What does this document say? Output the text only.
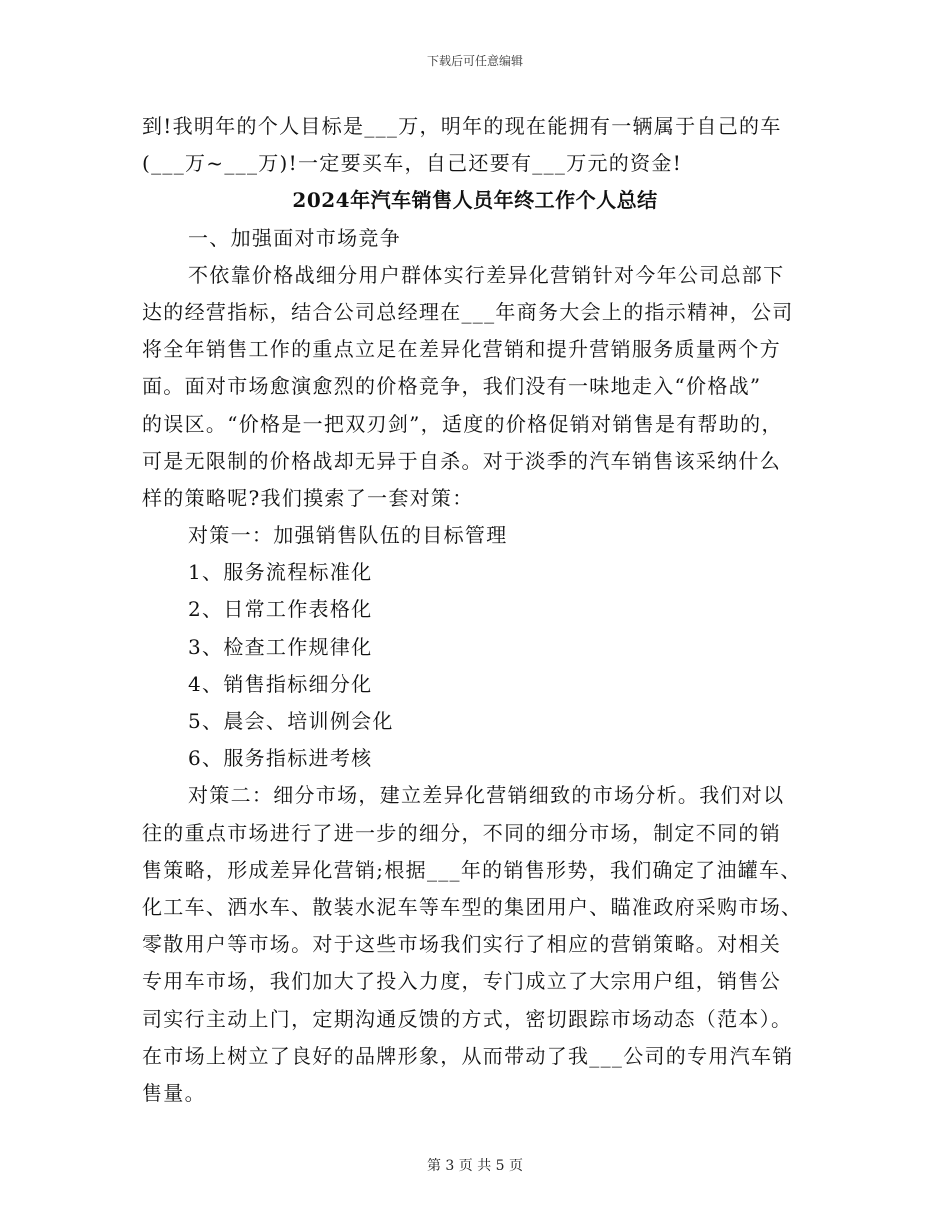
下载后可任意编辑
到!我明年的个人目标是___万，明年的现在能拥有一辆属于自己的车
(___万~___万)!一定要买车，自己还要有___万元的资金!
2024年汽车销售人员年终工作个人总结
一、加强面对市场竞争
不依靠价格战细分用户群体实行差异化营销针对今年公司总部下
达的经营指标，结合公司总经理在___年商务大会上的指示精神，公司
将全年销售工作的重点立足在差异化营销和提升营销服务质量两个方
面。面对市场愈演愈烈的价格竞争，我们没有一味地走入“价格战”
的误区。“价格是一把双刃剑”，适度的价格促销对销售是有帮助的，
可是无限制的价格战却无异于自杀。对于淡季的汽车销售该采纳什么
样的策略呢?我们摸索了一套对策：
对策一：加强销售队伍的目标管理
1、服务流程标准化
2、日常工作表格化
3、检查工作规律化
4、销售指标细分化
5、晨会、培训例会化
6、服务指标进考核
对策二：细分市场，建立差异化营销细致的市场分析。我们对以
往的重点市场进行了进一步的细分，不同的细分市场，制定不同的销
售策略，形成差异化营销;根据___年的销售形势，我们确定了油罐车、
化工车、洒水车、散装水泥车等车型的集团用户、瞄准政府采购市场、
零散用户等市场。对于这些市场我们实行了相应的营销策略。对相关
专用车市场，我们加大了投入力度，专门成立了大宗用户组，销售公
司实行主动上门，定期沟通反馈的方式，密切跟踪市场动态（范本）。
在市场上树立了良好的品牌形象，从而带动了我___公司的专用汽车销
售量。
第 3 页 共 5 页
